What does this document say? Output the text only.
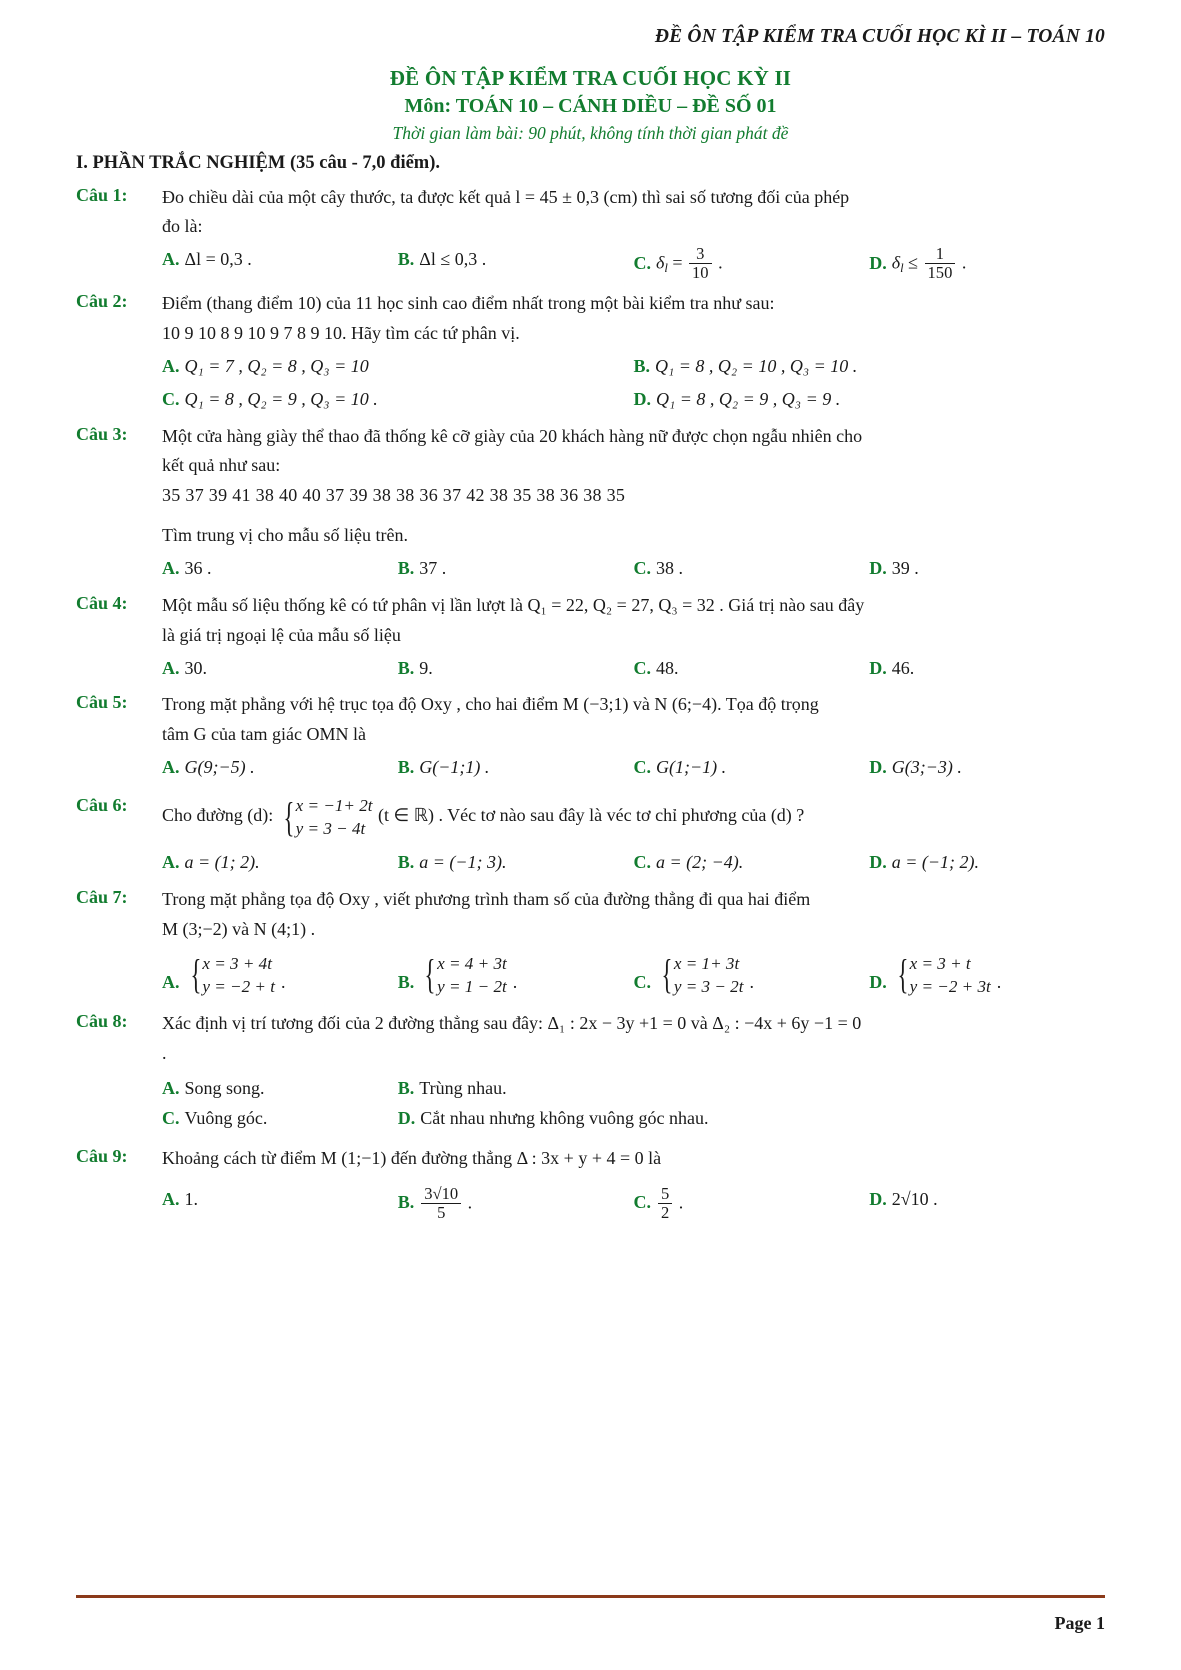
ĐỀ ÔN TẬP KIỂM TRA CUỐI HỌC KÌ II – TOÁN 10
ĐỀ ÔN TẬP KIỂM TRA CUỐI HỌC KỲ II
Môn: TOÁN 10 – CÁNH DIỀU – ĐỀ SỐ 01
Thời gian làm bài: 90 phút, không tính thời gian phát đề
I. PHẦN TRẮC NGHIỆM (35 câu - 7,0 điểm).
Câu 1:	Đo chiều dài của một cây thước, ta được kết quả l = 45 ± 0,3 (cm) thì sai số tương đối của phép

đo là:

A. Δl = 0,3 .	B. Δl ≤ 0,3 .	C. $\delta_l = \frac{3}{10}$ .	D. $\delta_l \le \frac{1}{150}$ .
Câu 2:	Điểm (thang điểm 10) của 11 học sinh cao điểm nhất trong một bài kiểm tra như sau:

10 9 10 8 9 10 9 7 8 9 10. Hãy tìm các tứ phân vị.

A. Q₁ = 7 , Q₂ = 8 , Q₃ = 10	B. Q₁ = 8 , Q₂ = 10 , Q₃ = 10 .
C. Q₁ = 8 , Q₂ = 9 , Q₃ = 10 .	D. Q₁ = 8 , Q₂ = 9 , Q₃ = 9 .
Câu 3:	Một cửa hàng giày thể thao đã thống kê cỡ giày của 20 khách hàng nữ được chọn ngẫu nhiên cho

kết quả như sau:

35 37 39 41 38 40 40 37 39 38 38 36 37 42 38 35 38 36 38 35

Tìm trung vị cho mẫu số liệu trên.

A. 36 .	B. 37 .	C. 38 .	D. 39 .
Câu 4:	Một mẫu số liệu thống kê có tứ phân vị lần lượt là Q₁ = 22, Q₂ = 27, Q₃ = 32 . Giá trị nào sau đây

là giá trị ngoại lệ của mẫu số liệu

A. 30.	B. 9.	C. 48.	D. 46.
Câu 5:	Trong mặt phẳng với hệ trục tọa độ Oxy , cho hai điểm M (−3;1) và N (6;−4). Tọa độ trọng

tâm G của tam giác OMN là

A. G(9;−5) .	B. G(−1;1) .	C. G(1;−1) .	D. G(3;−3) .
Câu 6:

Cho đường (d): { x = −1+ 2t
y = 3 − 4t
(t ∈ ℝ) . Véc tơ nào sau đây là véc tơ chỉ phương của (d) ?

A. a = (1; 2).	B. a = (−1; 3).	C. a = (2; −4).	D. a = (−1; 2).
Câu 7:	Trong mặt phẳng tọa độ Oxy , viết phương trình tham số của đường thẳng đi qua hai điểm

M (3;−2) và N (4;1) .

A. { x = 3 + 4t
y = −2 + t .	B. { x = 4 + 3t
y = 1 − 2t .	C. { x = 1+ 3t
y = 3 − 2t .	D. { x = 3 + t
y = −2 + 3t .
Câu 8:	Xác định vị trí tương đối của 2 đường thẳng sau đây: Δ₁ : 2x − 3y +1 = 0 và Δ₂ : −4x + 6y −1 = 0

.

A. Song song.	B. Trùng nhau.
C. Vuông góc.	D. Cắt nhau nhưng không vuông góc nhau.
Câu 9:	Khoảng cách từ điểm M (1;−1) đến đường thẳng Δ : 3x + y + 4 = 0 là

A. 1.	B. $\frac{3√10}{5}$ .	C. $\frac{5}{2}$ .	D. 2√10 .
Page 1
